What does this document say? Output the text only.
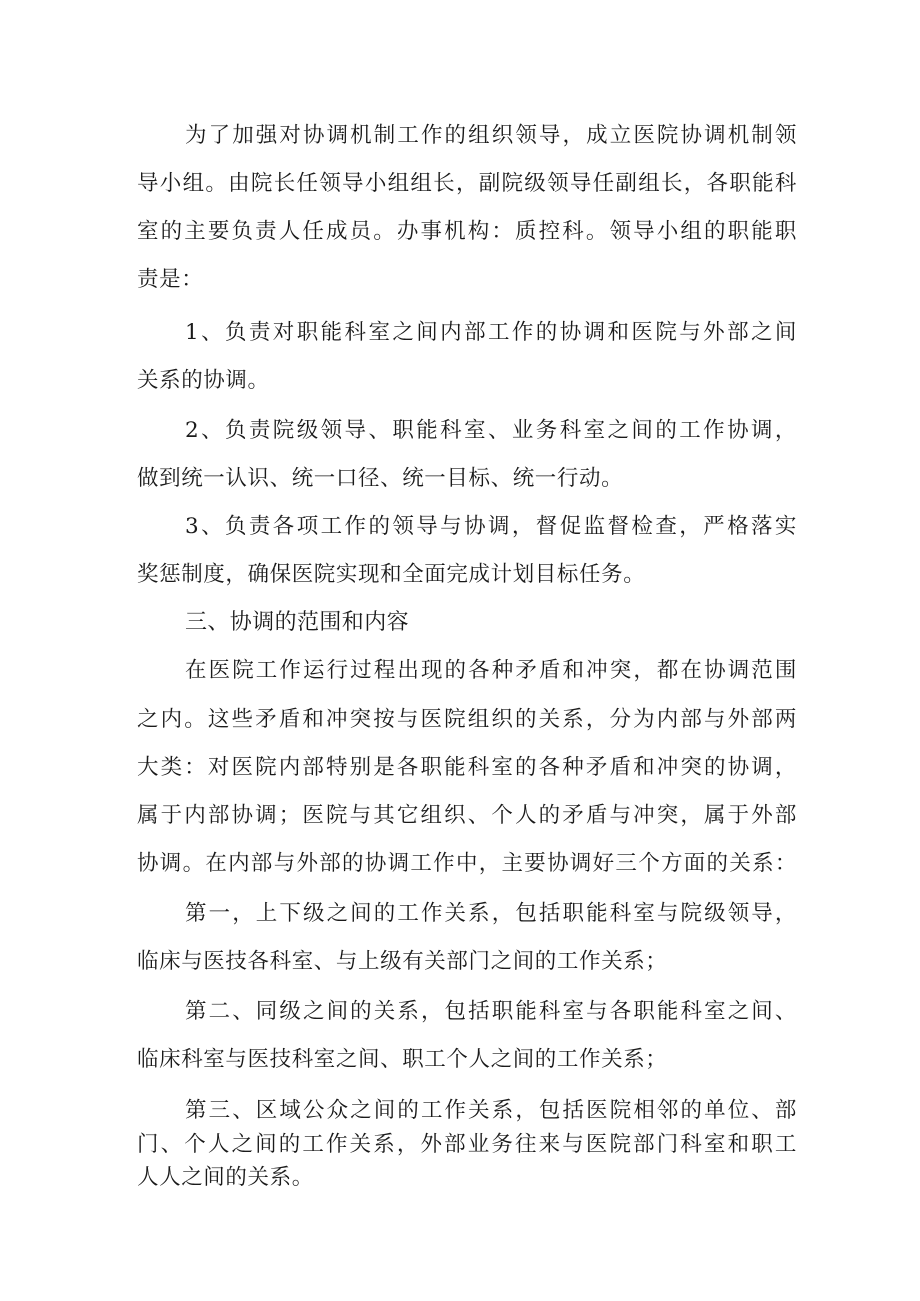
为了加强对协调机制工作的组织领导，成立医院协调机制领
导小组。由院长任领导小组组长，副院级领导任副组长，各职能科
室的主要负责人任成员。办事机构：质控科。领导小组的职能职
责是：
1、负责对职能科室之间内部工作的协调和医院与外部之间
关系的协调。
2、负责院级领导、职能科室、业务科室之间的工作协调，
做到统一认识、统一口径、统一目标、统一行动。
3、负责各项工作的领导与协调，督促监督检查，严格落实
奖惩制度，确保医院实现和全面完成计划目标任务。
三、协调的范围和内容
在医院工作运行过程出现的各种矛盾和冲突，都在协调范围
之内。这些矛盾和冲突按与医院组织的关系，分为内部与外部两
大类：对医院内部特别是各职能科室的各种矛盾和冲突的协调，
属于内部协调；医院与其它组织、个人的矛盾与冲突，属于外部
协调。在内部与外部的协调工作中，主要协调好三个方面的关系：
第一，上下级之间的工作关系，包括职能科室与院级领导，
临床与医技各科室、与上级有关部门之间的工作关系；
第二、同级之间的关系，包括职能科室与各职能科室之间、
临床科室与医技科室之间、职工个人之间的工作关系；
第三、区域公众之间的工作关系，包括医院相邻的单位、部
门、个人之间的工作关系，外部业务往来与医院部门科室和职工
人人之间的关系。
